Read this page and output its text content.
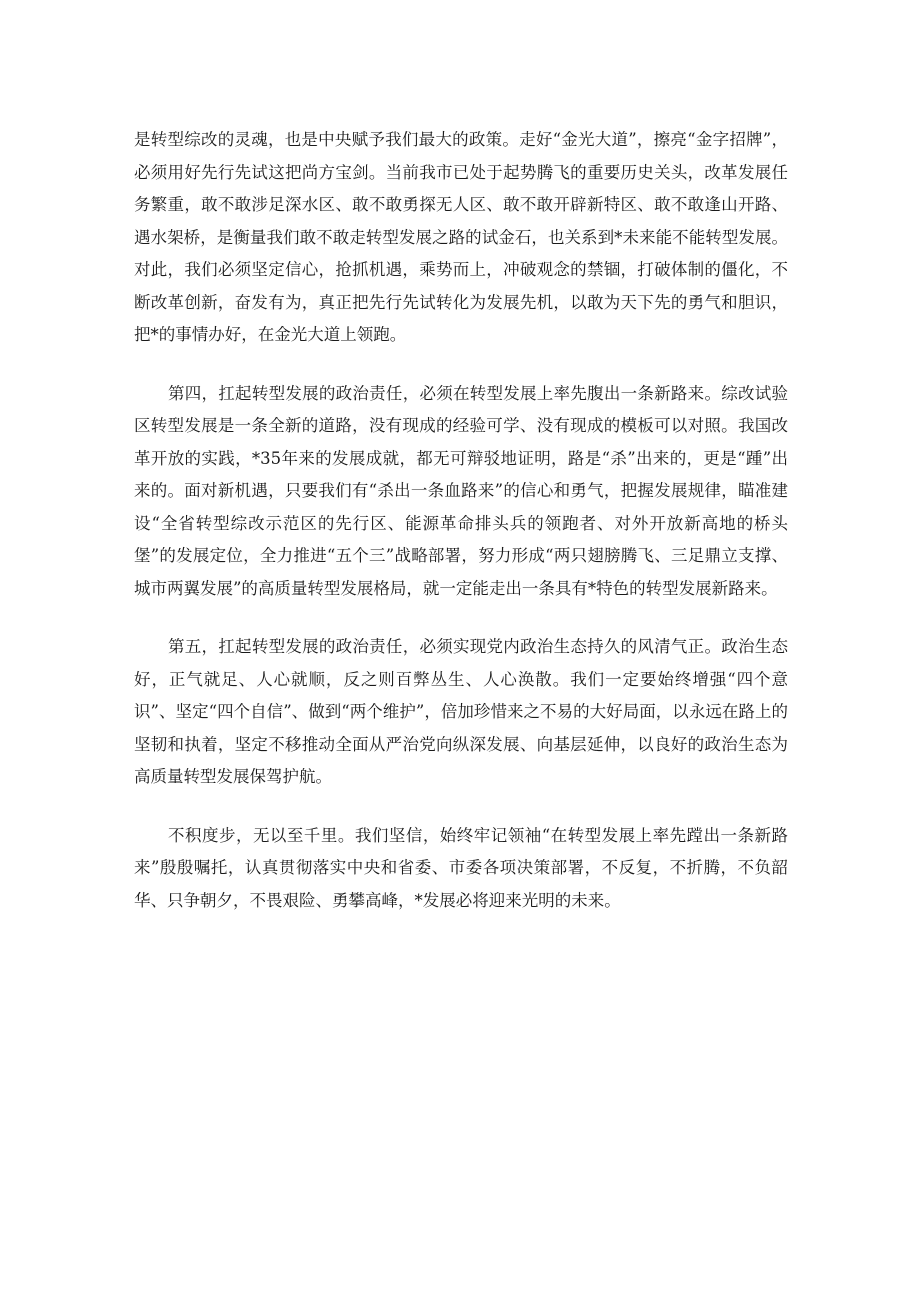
是转型综改的灵魂，也是中央赋予我们最大的政策。走好“金光大道”，擦亮“金字招牌”，必须用好先行先试这把尚方宝剑。当前我市已处于起势腾飞的重要历史关头，改革发展任务繁重，敢不敢涉足深水区、敢不敢勇探无人区、敢不敢开辟新特区、敢不敢逢山开路、遇水架桥，是衡量我们敢不敢走转型发展之路的试金石，也关系到*未来能不能转型发展。对此，我们必须坚定信心，抢抓机遇，乘势而上，冲破观念的禁锢，打破体制的僵化，不断改革创新，奋发有为，真正把先行先试转化为发展先机，以敢为天下先的勇气和胆识，把*的事情办好，在金光大道上领跑。

第四，扛起转型发展的政治责任，必须在转型发展上率先腹出一条新路来。综改试验区转型发展是一条全新的道路，没有现成的经验可学、没有现成的模板可以对照。我国改革开放的实践，*35年来的发展成就，都无可辩驳地证明，路是“杀”出来的，更是“踵”出来的。面对新机遇，只要我们有“杀出一条血路来”的信心和勇气，把握发展规律，瞄准建设“全省转型综改示范区的先行区、能源革命排头兵的领跑者、对外开放新高地的桥头堡”的发展定位，全力推进“五个三”战略部署，努力形成“两只翅膀腾飞、三足鼎立支撑、城市两翼发展”的高质量转型发展格局，就一定能走出一条具有*特色的转型发展新路来。

第五，扛起转型发展的政治责任，必须实现党内政治生态持久的风清气正。政治生态好，正气就足、人心就顺，反之则百弊丛生、人心涣散。我们一定要始终增强“四个意识”、坚定“四个自信”、做到“两个维护”，倍加珍惜来之不易的大好局面，以永远在路上的坚韧和执着，坚定不移推动全面从严治党向纵深发展、向基层延伸，以良好的政治生态为高质量转型发展保驾护航。

不积度步，无以至千里。我们坚信，始终牢记领袖“在转型发展上率先蹚出一条新路来”殷殷嘱托，认真贯彻落实中央和省委、市委各项决策部署，不反复，不折腾，不负韶华、只争朝夕，不畏艰险、勇攀高峰，*发展必将迎来光明的未来。
